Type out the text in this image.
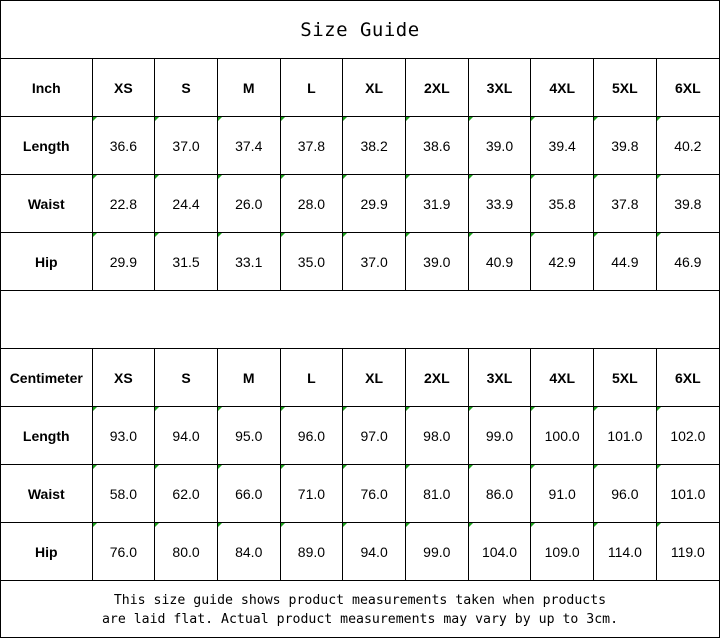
Size Guide
Inch	XS	S	M	L	XL	2XL	3XL	4XL	5XL	6XL
Length	36.6	37.0	37.4	37.8	38.2	38.6	39.0	39.4	39.8	40.2
Waist	22.8	24.4	26.0	28.0	29.9	31.9	33.9	35.8	37.8	39.8
Hip	29.9	31.5	33.1	35.0	37.0	39.0	40.9	42.9	44.9	46.9
Centimeter	XS	S	M	L	XL	2XL	3XL	4XL	5XL	6XL
Length	93.0	94.0	95.0	96.0	97.0	98.0	99.0	100.0	101.0	102.0
Waist	58.0	62.0	66.0	71.0	76.0	81.0	86.0	91.0	96.0	101.0
Hip	76.0	80.0	84.0	89.0	94.0	99.0	104.0	109.0	114.0	119.0
This size guide shows product measurements taken when products
are laid flat. Actual product measurements may vary by up to 3cm.
